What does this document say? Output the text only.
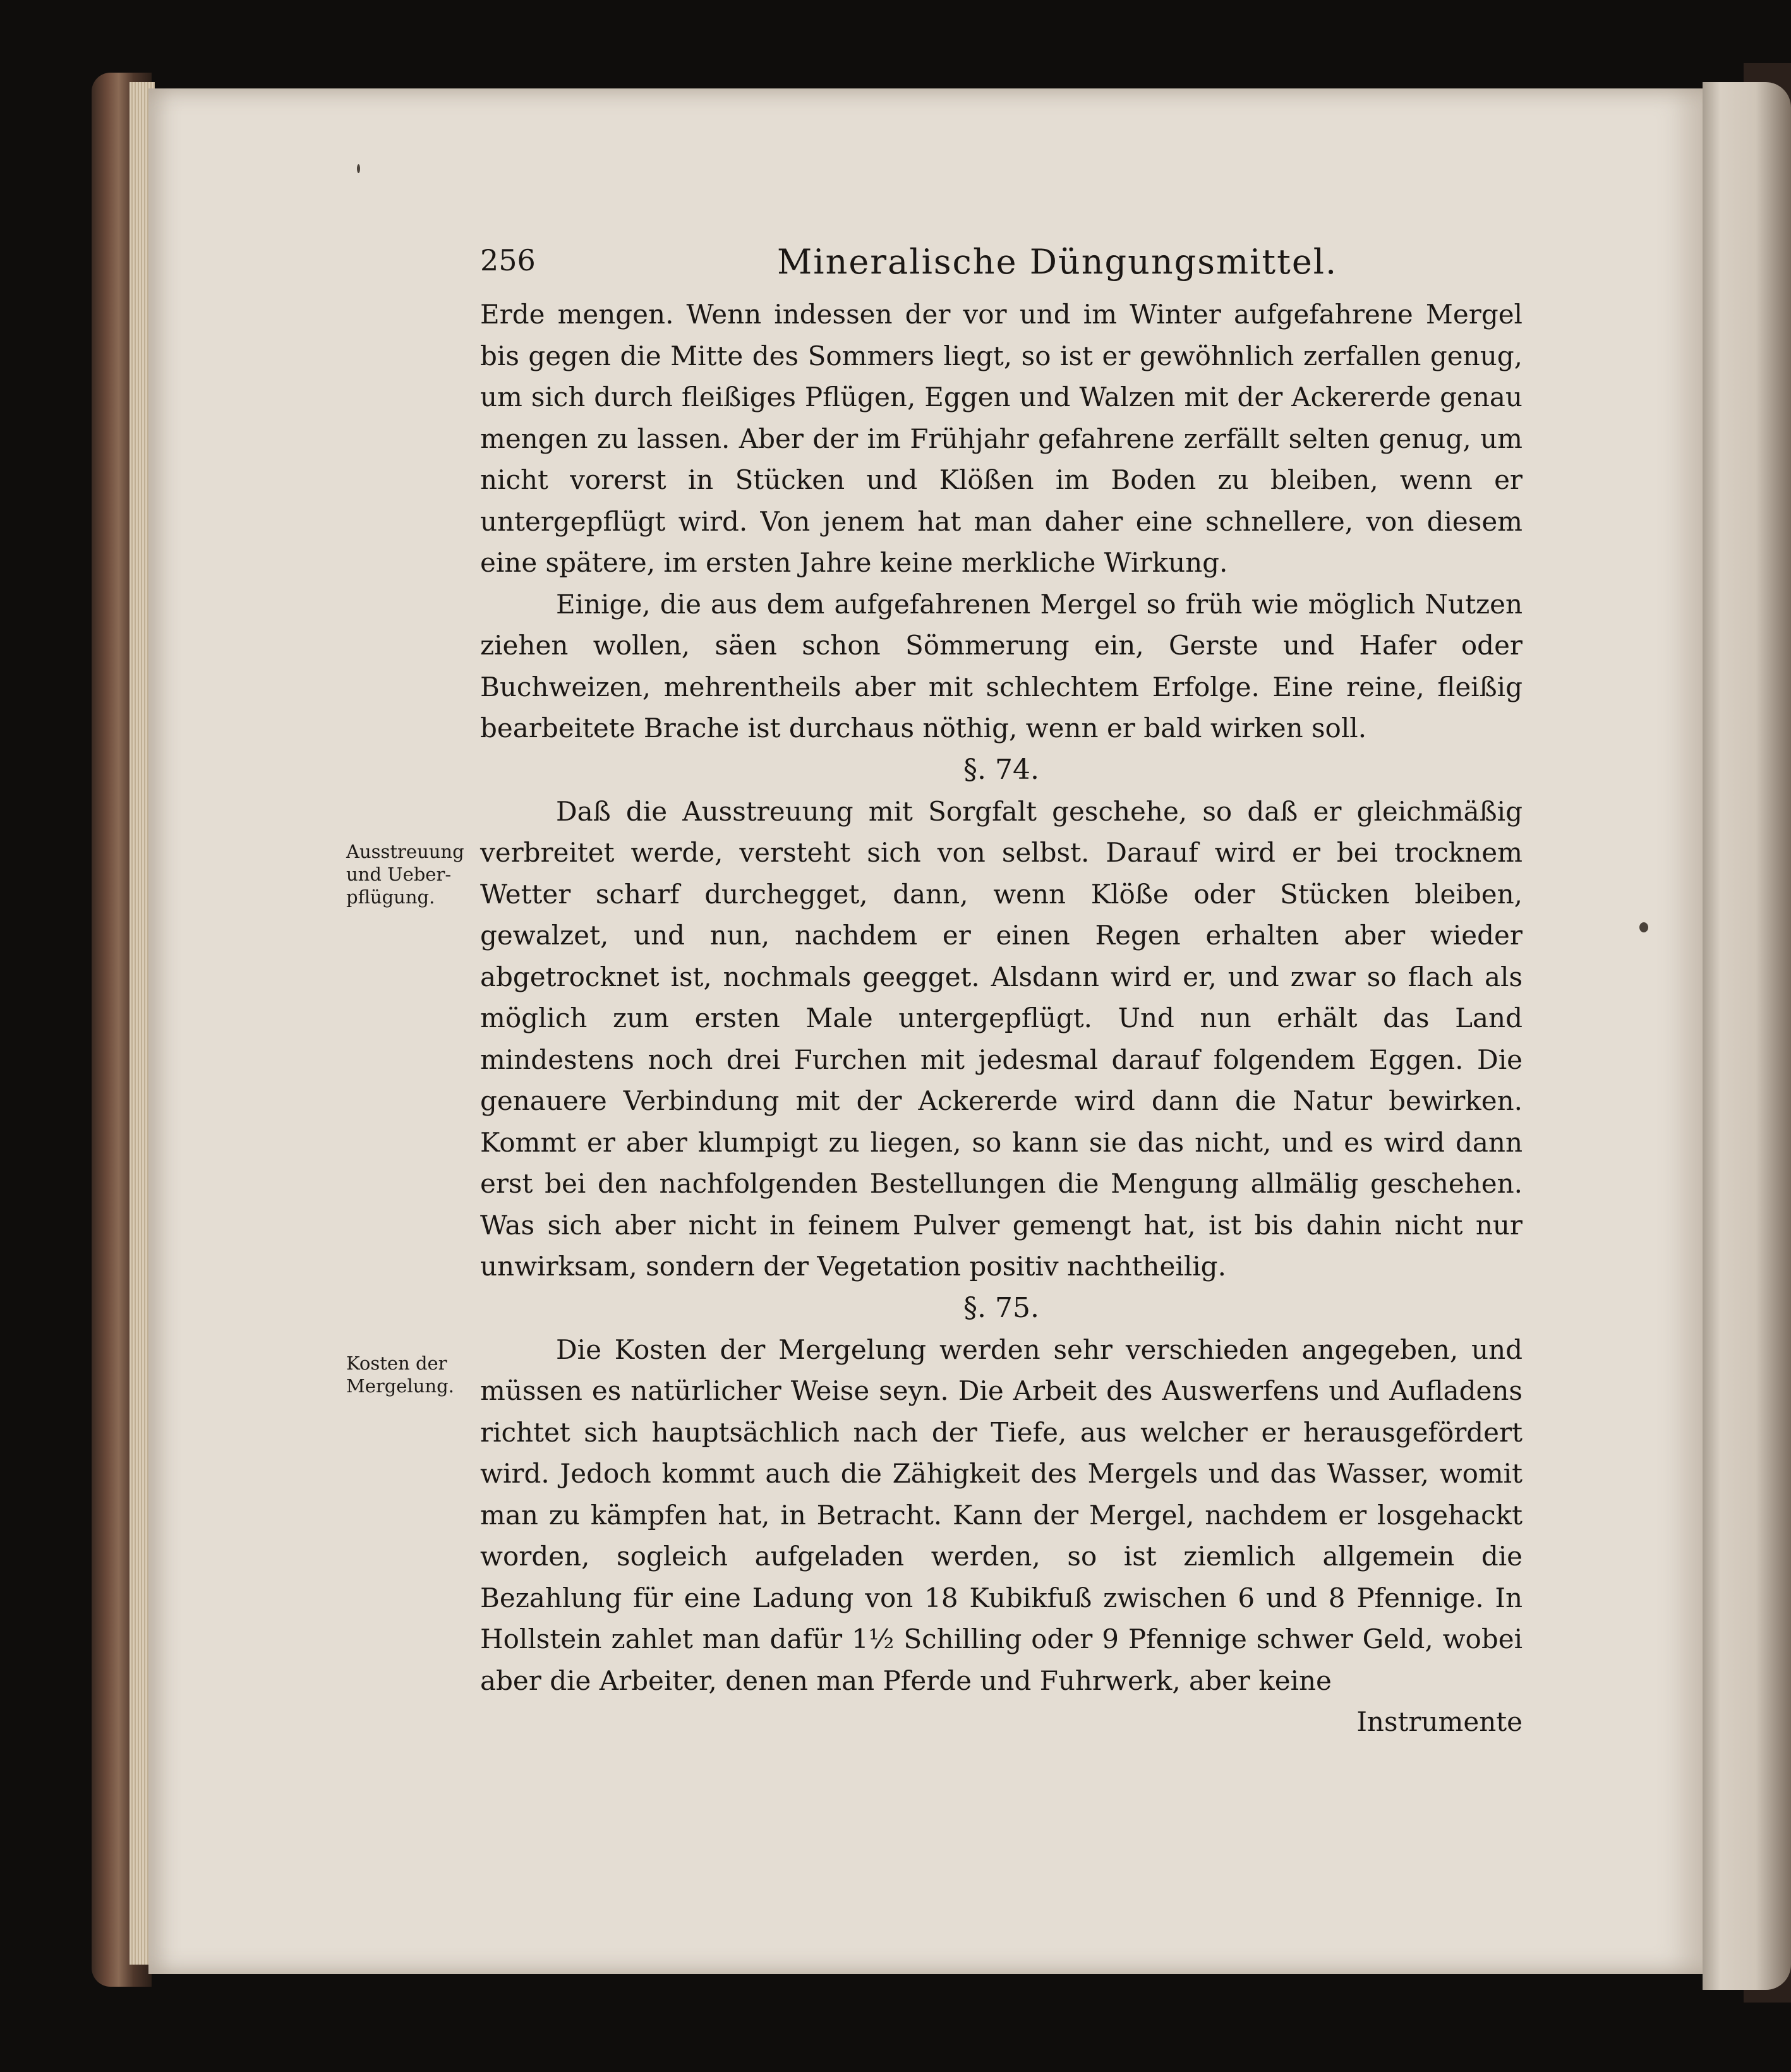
Ausstreuung
und Ueber-
pflügung.
Kosten der
Mergelung.
256	Mineralische Düngungsmittel.

Erde mengen. Wenn indessen der vor und im Winter aufgefahrene Mergel bis gegen die Mitte des Sommers liegt, so ist er gewöhnlich zerfallen genug, um sich durch fleißiges Pflügen, Eggen und Walzen mit der Ackererde genau mengen zu lassen. Aber der im Frühjahr gefahrene zerfällt selten genug, um nicht vorerst in Stücken und Klößen im Boden zu bleiben, wenn er untergepflügt wird. Von jenem hat man daher eine schnellere, von diesem eine spätere, im ersten Jahre keine merkliche Wirkung.

Einige, die aus dem aufgefahrenen Mergel so früh wie möglich Nutzen ziehen wollen, säen schon Sömmerung ein, Gerste und Hafer oder Buchweizen, mehrentheils aber mit schlechtem Erfolge. Eine reine, fleißig bearbeitete Brache ist durchaus nöthig, wenn er bald wirken soll.

§. 74.

Daß die Ausstreuung mit Sorgfalt geschehe, so daß er gleichmäßig verbreitet werde, versteht sich von selbst. Darauf wird er bei trocknem Wetter scharf durchegget, dann, wenn Klöße oder Stücken bleiben, gewalzet, und nun, nachdem er einen Regen erhalten aber wieder abgetrocknet ist, nochmals geegget. Alsdann wird er, und zwar so flach als möglich zum ersten Male untergepflügt. Und nun erhält das Land mindestens noch drei Furchen mit jedesmal darauf folgendem Eggen. Die genauere Verbindung mit der Ackererde wird dann die Natur bewirken. Kommt er aber klumpigt zu liegen, so kann sie das nicht, und es wird dann erst bei den nachfolgenden Bestellungen die Mengung allmälig geschehen. Was sich aber nicht in feinem Pulver gemengt hat, ist bis dahin nicht nur unwirksam, sondern der Vegetation positiv nachtheilig.

§. 75.

Die Kosten der Mergelung werden sehr verschieden angegeben, und müssen es natürlicher Weise seyn. Die Arbeit des Auswerfens und Aufladens richtet sich hauptsächlich nach der Tiefe, aus welcher er herausgefördert wird. Jedoch kommt auch die Zähigkeit des Mergels und das Wasser, womit man zu kämpfen hat, in Betracht. Kann der Mergel, nachdem er losgehackt worden, sogleich aufgeladen werden, so ist ziemlich allgemein die Bezahlung für eine Ladung von 18 Kubikfuß zwischen 6 und 8 Pfennige. In Hollstein zahlet man dafür 1½ Schilling oder 9 Pfennige schwer Geld, wobei aber die Arbeiter, denen man Pferde und Fuhrwerk, aber keine

Instrumente
